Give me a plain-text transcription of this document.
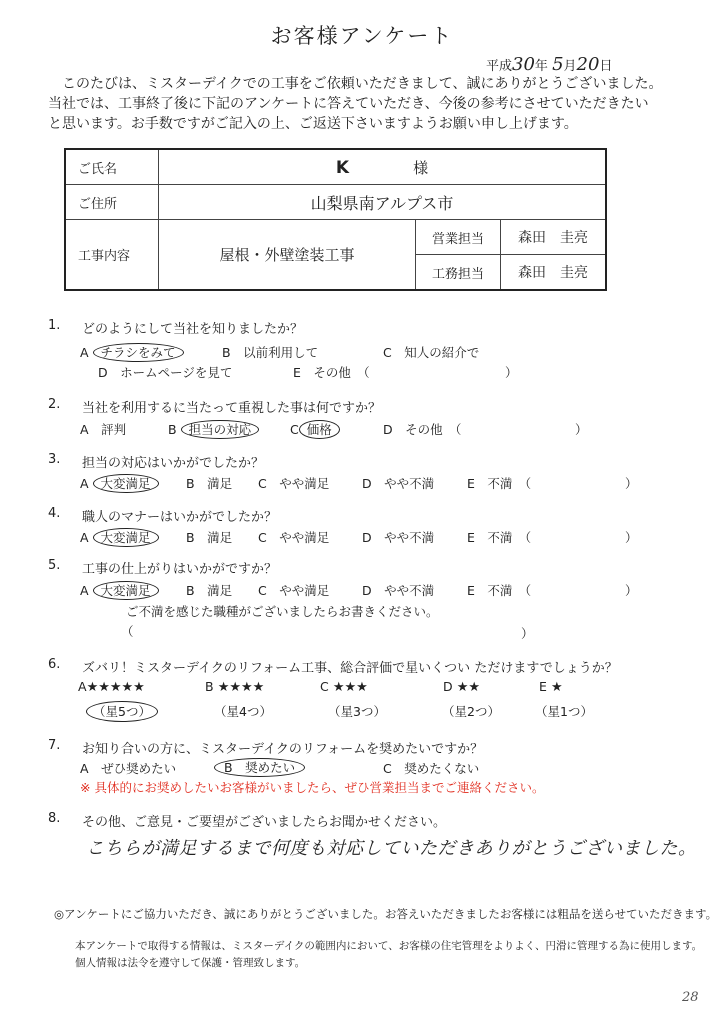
お客様アンケート
平成30年 5月20日
このたびは、ミスターデイクでの工事をご依頼いただきまして、誠にありがとうございました。
当社では、工事終了後に下記のアンケートに答えていただき、今後の参考にさせていただきたい
と思います。お手数ですがご記入の上、ご返送下さいますようお願い申し上げます。
ご氏名	K 様		
ご住所	山梨県南アルプス市		
工事内容	屋根・外壁塗装工事	営業担当	森田　圭亮
		工務担当	森田　圭亮
1. どのようにして当社を知りましたか？
A チラシをみて	B　 以前利用して	C　 知人の紹介で
D　 ホームページを見て	E　 その他　（	）
2. 当社を利用するに当たって重視した事は何ですか？
A　 評判	B 担当の対応	C 価格	D　 その他　（	）
3. 担当の対応はいかがでしたか？
A 大変満足	B　 満足 C　 やや満足	D　 やや不満	E　 不満　（	）
4. 職人のマナーはいかがでしたか？
A 大変満足	B　 満足 C　 やや満足	D　 やや不満	E　 不満　（	）
5. 工事の仕上がりはいかがですか？
A 大変満足	B　 満足 C　 やや満足	D　 やや不満	E　 不満　（	）
ご不満を感じた職種がございましたらお書きください。
（	）
6. ズバリ！ミスターデイクのリフォーム工事、総合評価で星いくつい ただけますでしょうか？
A★★★★★	B ★★★★	C ★★★	D ★★	E ★
（星5つ）	（星4つ）	（星3つ）	（星2つ）	（星1つ）
7. お知り合いの方に、ミスターデイクのリフォームを奨めたいですか？
A　 ぜひ奨めたい	B　 奨めたい	C　 奨めたくない
※ 具体的にお奨めしたいお客様がいましたら、ぜひ営業担当までご連絡ください。
8. その他、ご意見・ご要望がございましたらお聞かせください。
こちらが満足するまで何度も対応していただきありがとうございました。
◎アンケートにご協力いただき、誠にありがとうございました。お答えいただきましたお客様には粗品を送らせていただきます。
本アンケートで取得する情報は、ミスターデイクの範囲内において、お客様の住宅管理をよりよく、円滑に管理する為に使用します。
個人情報は法令を遵守して保護・管理致します。
28
